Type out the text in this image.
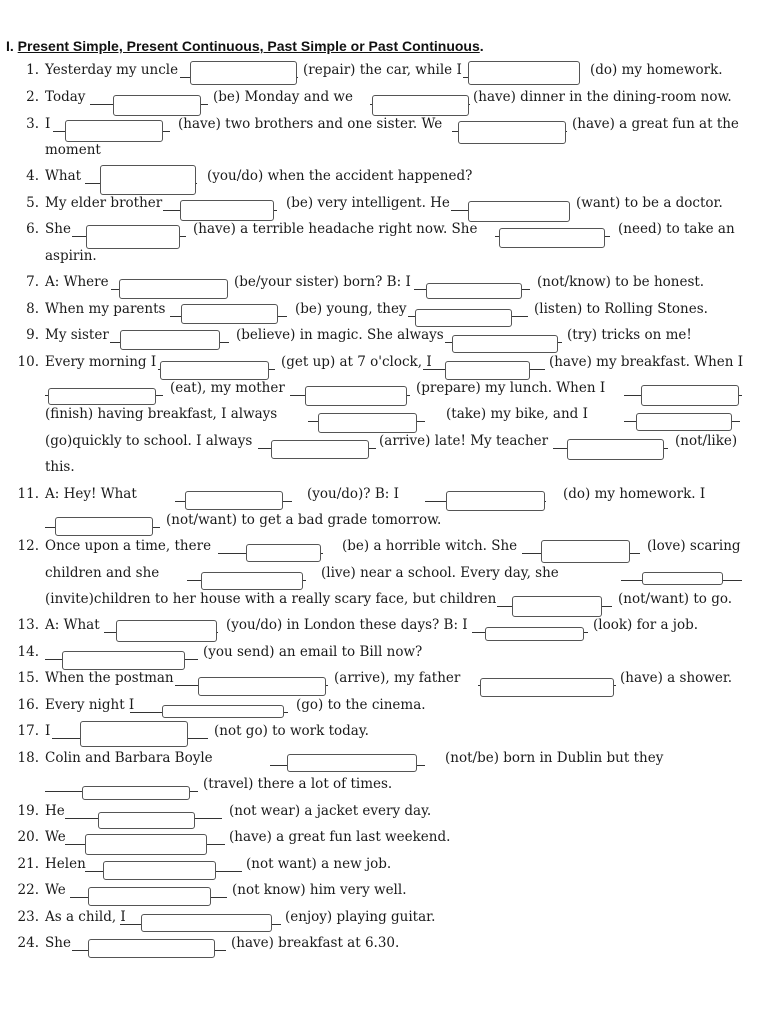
I. Present Simple, Present Continuous, Past Simple or Past Continuous.
1. Yesterday my uncle	(repair) the car, while I	(do) my homework.
2. Today	(be) Monday and we	(have) dinner in the dining-room now.
3. I	(have) two brothers and one sister. We	(have) a great fun at the
moment
4. What	(you/do) when the accident happened?
5. My elder brother	(be) very intelligent. He	(want) to be a doctor.
6. She	(have) a terrible headache right now. She	(need) to take an
aspirin.
7. A: Where	(be/your sister) born? B: I	(not/know) to be honest.
8. When my parents	(be) young, they	(listen) to Rolling Stones.
9. My sister	(believe) in magic. She always	(try) tricks on me!
10. Every morning I	(get up) at 7 o'clock, I	(have) my breakfast. When I
(eat), my mother	(prepare) my lunch. When I
(finish) having breakfast, I always	(take) my bike, and I
(go)quickly to school. I always	(arrive) late! My teacher	(not/like)
this.
11. A: Hey! What	(you/do)? B: I	(do) my homework. I
(not/want) to get a bad grade tomorrow.
12. Once upon a time, there	(be) a horrible witch. She	(love) scaring
children and she	(live) near a school. Every day, she
(invite)children to her house with a really scary face, but children	(not/want) to go.
13. A: What	(you/do) in London these days? B: I	(look) for a job.
14.	(you send) an email to Bill now?
15. When the postman	(arrive), my father	(have) a shower.
16. Every night I	(go) to the cinema.
17. I	(not go) to work today.
18. Colin and Barbara Boyle	(not/be) born in Dublin but they
(travel) there a lot of times.
19. He	(not wear) a jacket every day.
20. We	(have) a great fun last weekend.
21. Helen	(not want) a new job.
22. We	(not know) him very well.
23. As a child, I	(enjoy) playing guitar.
24. She	(have) breakfast at 6.30.
